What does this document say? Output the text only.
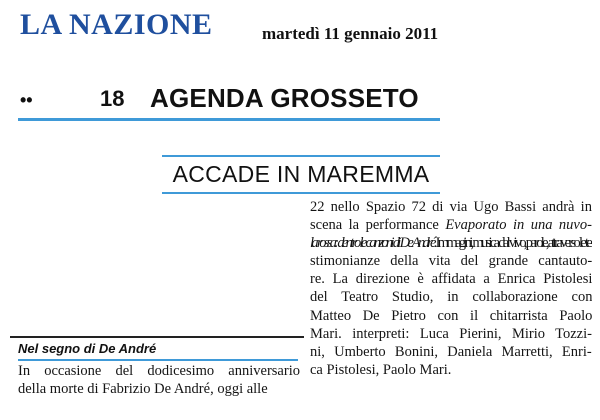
LA NAZIONE	martedì 11 gennaio 2011
••	18 AGENDA GROSSETO
ACCADE IN MAREMMA
22 nello Spazio 72 di via Ugo Bassi andrà in
scena la performance Evaporato in una nuvo-
la rossa: dentro le canzoni di De André. Immagini, musica dal vivo, parole, attraverso le te-
stimonianze della vita del grande cantauto-
re. La direzione è affidata a Enrica Pistolesi
del Teatro Studio, in collaborazione con
Matteo De Pietro con il chitarrista Paolo
Mari. interpreti: Luca Pierini, Mirio Tozzi-
ni, Umberto Bonini, Daniela Marretti, Enri-
ca Pistolesi, Paolo Mari.
Nel segno di De André
In occasione del dodicesimo anniversario
della morte di Fabrizio De André, oggi alle
